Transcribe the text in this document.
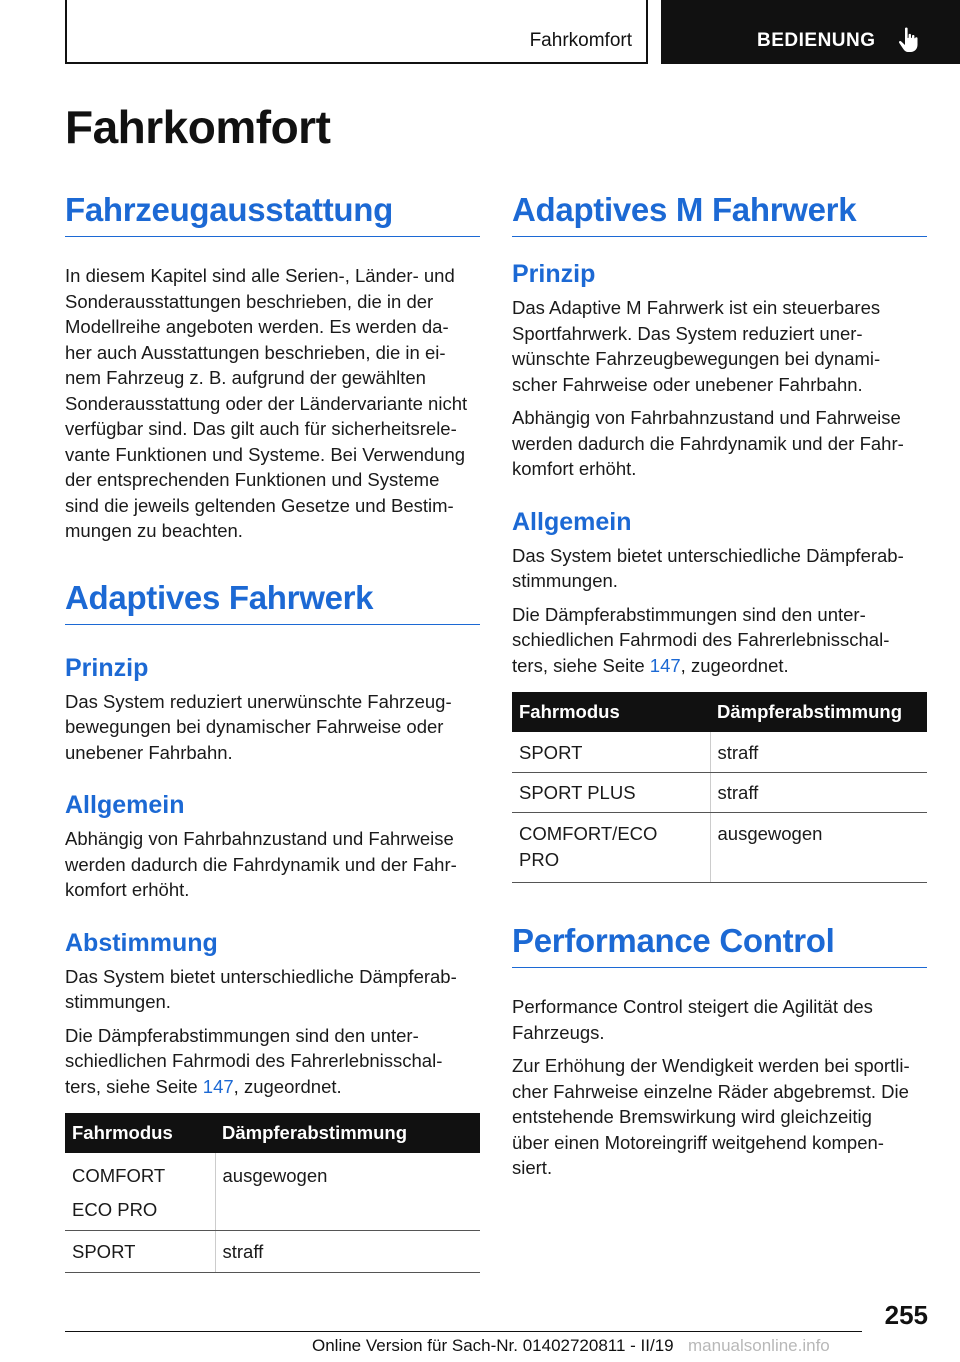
Fahrkomfort	BEDIENUNG
Fahrkomfort
Fahrzeugausstattung

In diesem Kapitel sind alle Serien-, Länder- und
Sonderausstattungen beschrieben, die in der
Modellreihe angeboten werden. Es werden da-
her auch Ausstattungen beschrieben, die in ei-
nem Fahrzeug z. B. aufgrund der gewählten
Sonderausstattung oder der Ländervariante nicht
verfügbar sind. Das gilt auch für sicherheitsrele-
vante Funktionen und Systeme. Bei Verwendung
der entsprechenden Funktionen und Systeme
sind die jeweils geltenden Gesetze und Bestim-
mungen zu beachten.

Adaptives Fahrwerk
Prinzip

Das System reduziert unerwünschte Fahrzeug-
bewegungen bei dynamischer Fahrweise oder
unebener Fahrbahn.

Allgemein

Abhängig von Fahrbahnzustand und Fahrweise
werden dadurch die Fahrdynamik und der Fahr-
komfort erhöht.

Abstimmung

Das System bietet unterschiedliche Dämpferab-
stimmungen.

Die Dämpferabstimmungen sind den unter-
schiedlichen Fahrmodi des Fahrerlebnisschal-
ters, siehe Seite 147, zugeordnet.

Fahrmodus	Dämpferabstimmung

COMFORT
ECO PRO	ausgewogen
SPORT	straff
Adaptives M Fahrwerk
Prinzip

Das Adaptive M Fahrwerk ist ein steuerbares
Sportfahrwerk. Das System reduziert uner-
wünschte Fahrzeugbewegungen bei dynami-
scher Fahrweise oder unebener Fahrbahn.

Abhängig von Fahrbahnzustand und Fahrweise
werden dadurch die Fahrdynamik und der Fahr-
komfort erhöht.

Allgemein

Das System bietet unterschiedliche Dämpferab-
stimmungen.

Die Dämpferabstimmungen sind den unter-
schiedlichen Fahrmodi des Fahrerlebnisschal-
ters, siehe Seite 147, zugeordnet.

Fahrmodus	Dämpferabstimmung
SPORT	straff
SPORT PLUS	straff

COMFORT/ECO
PRO	ausgewogen
Performance Control

Performance Control steigert die Agilität des
Fahrzeugs.

Zur Erhöhung der Wendigkeit werden bei sportli-
cher Fahrweise einzelne Räder abgebremst. Die
entstehende Bremswirkung wird gleichzeitig
über einen Motoreingriff weitgehend kompen-
siert.

255
Online Version für Sach-Nr. 01402720811 - II/19 manualsonline.info
